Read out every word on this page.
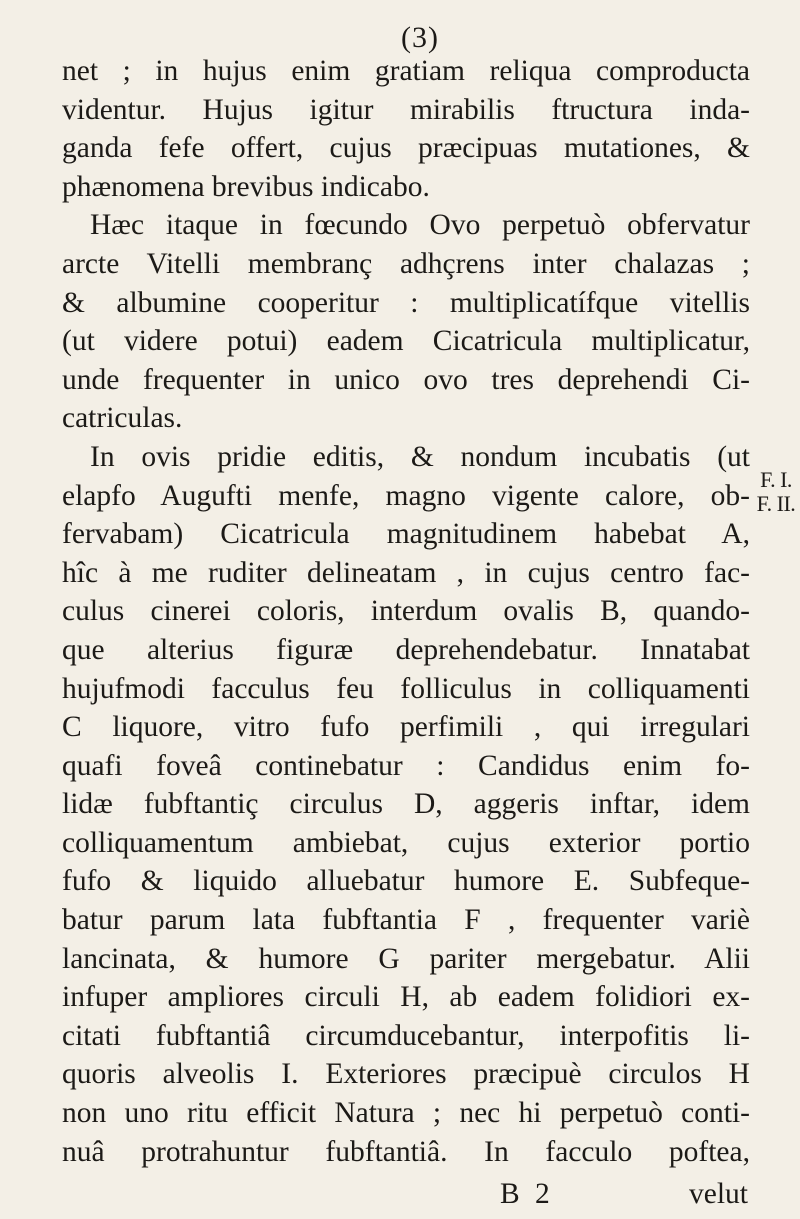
(3)
net ; in hujus enim gratiam reliqua comproducta
videntur. Hujus igitur mirabilis ftructura inda-
ganda fefe offert, cujus præcipuas mutationes, &
phænomena brevibus indicabo.
Hæc itaque in fœcundo Ovo perpetuò obfervatur
arcte Vitelli membranç adhçrens inter chalazas ;
& albumine cooperitur : multiplicatífque vitellis
(ut videre potui) eadem Cicatricula multiplicatur,
unde frequenter in unico ovo tres deprehendi Ci-
catriculas.
In ovis pridie editis, & nondum incubatis (ut
elapfo Augufti menfe, magno vigente calore, ob-
fervabam) Cicatricula magnitudinem habebat A,
hîc à me ruditer delineatam , in cujus centro fac-
culus cinerei coloris, interdum ovalis B, quando-
que alterius figuræ deprehendebatur. Innatabat
hujufmodi facculus feu folliculus in colliquamenti
C liquore, vitro fufo perfimili , qui irregulari
quafi foveâ continebatur : Candidus enim fo-
lidæ fubftantiç circulus D, aggeris inftar, idem
colliquamentum ambiebat, cujus exterior portio
fufo & liquido alluebatur humore E. Subfeque-
batur parum lata fubftantia F , frequenter variè
lancinata, & humore G pariter mergebatur. Alii
infuper ampliores circuli H, ab eadem folidiori ex-
citati fubftantiâ circumducebantur, interpofitis li-
quoris alveolis I. Exteriores præcipuè circulos H
non uno ritu efficit Natura ; nec hi perpetuò conti-
nuâ protrahuntur fubftantiâ. In facculo poftea,
F. I.
F. II.
B 2	velut
